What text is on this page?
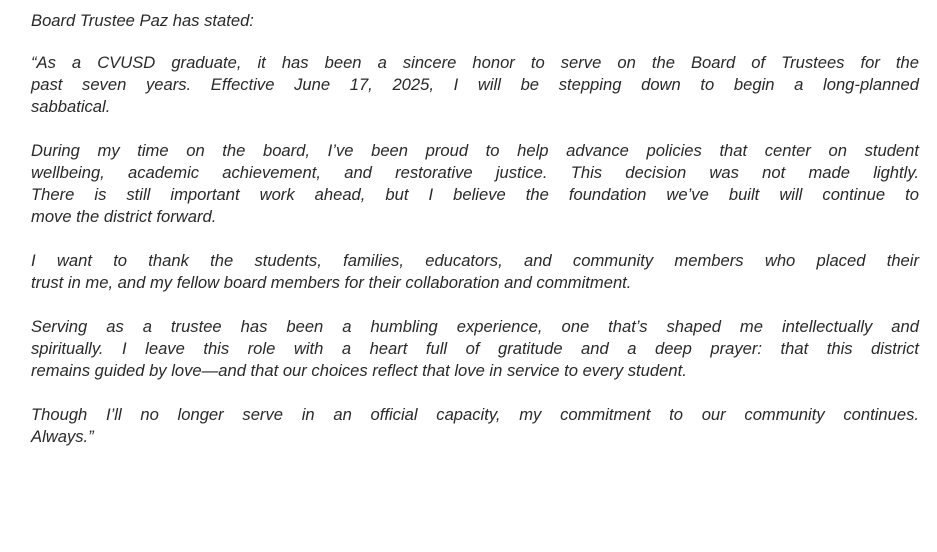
Board Trustee Paz has stated:

“As a CVUSD graduate, it has been a sincere honor to serve on the Board of Trustees for the
past seven years. Effective June 17, 2025, I will be stepping down to begin a long-planned
sabbatical.

During my time on the board, I’ve been proud to help advance policies that center on student
wellbeing, academic achievement, and restorative justice. This decision was not made lightly.
There is still important work ahead, but I believe the foundation we’ve built will continue to
move the district forward.

I want to thank the students, families, educators, and community members who placed their
trust in me, and my fellow board members for their collaboration and commitment.

Serving as a trustee has been a humbling experience, one that’s shaped me intellectually and
spiritually. I leave this role with a heart full of gratitude and a deep prayer: that this district
remains guided by love—and that our choices reflect that love in service to every student.

Though I’ll no longer serve in an official capacity, my commitment to our community continues.
Always.”
